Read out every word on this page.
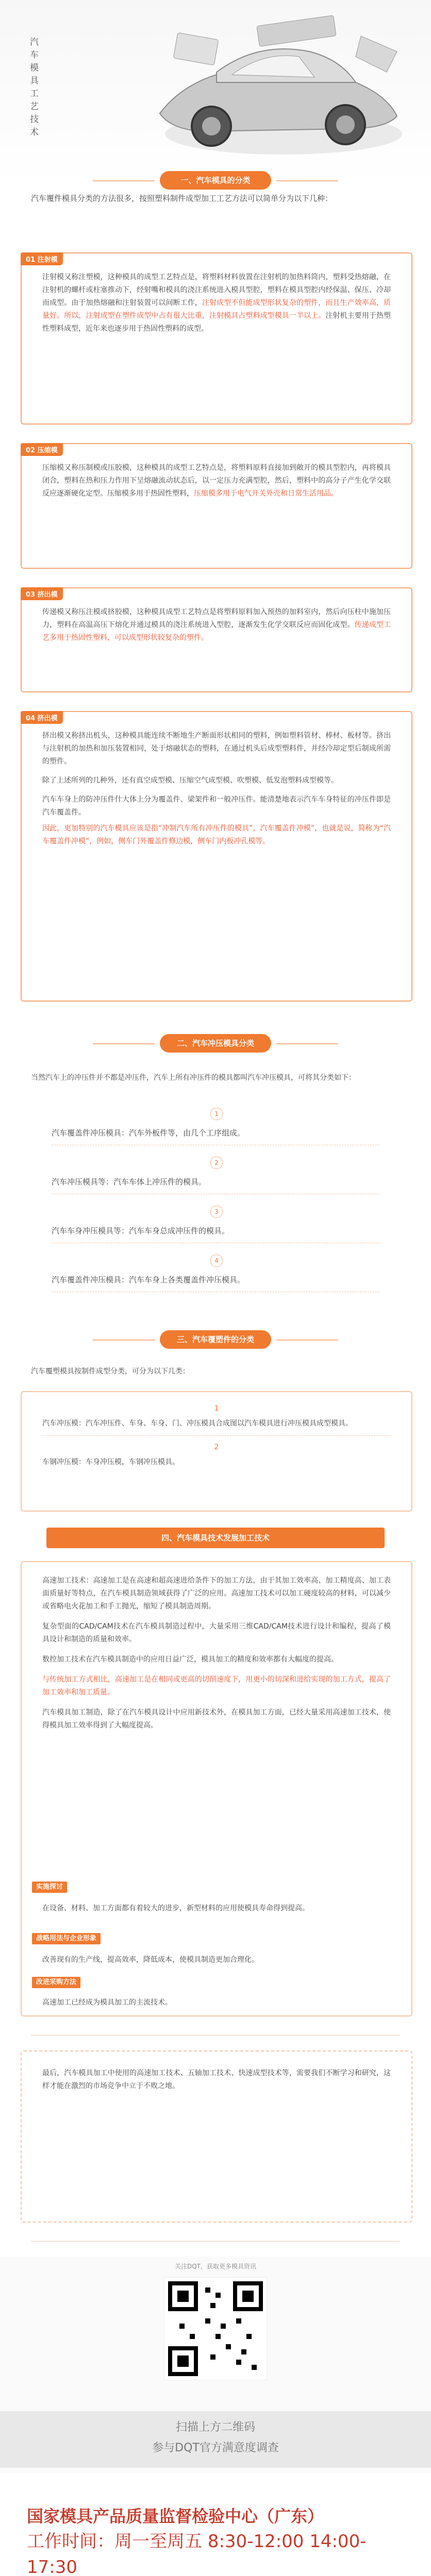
汽车模具工艺技术
汽车覆件模具分类的方法很多，按照塑料制件成型加工工艺方法可以简单分为以下几种：
一、汽车模具的分类
01 注射模
注射模又称注塑模，这种模具的成型工艺特点是，将塑料材料放置在注射机的加热料筒内，塑料受热熔融，在注射机的螺杆或柱塞推动下，经射嘴和模具的浇注系统进入模具型腔，塑料在模具型腔内经保温、保压、冷却而成型。由于加热熔融和注射装置可以间断工作，注射成型不但能成型形状复杂的塑件，而且生产效率高，质量好。所以，注射成型在塑件成型中占有很大比重，注射模具占塑料成型模具一半以上。注射机主要用于热塑性塑料成型，近年来也逐步用于热固性塑料的成型。
02 压缩模
压缩模又称压制模或压胶模，这种模具的成型工艺特点是，将塑料原料直接加到敞开的模具型腔内，再将模具闭合，塑料在热和压力作用下呈熔融流动状态后，以一定压力充满型腔，然后，塑料中的高分子产生化学交联反应逐渐硬化定型。压缩模多用于热固性塑料，压缩模多用于电气开关外壳和日常生活用品。
03 挤出模
传递模又称压注模或挤胶模，这种模具成型工艺特点是将塑料原料加入预热的加料室内，然后向压柱中施加压力，塑料在高温高压下熔化并通过模具的浇注系统进入型腔，逐渐发生化学交联反应而固化成型。传递成型工艺多用于热固性塑料，可以成型形状较复杂的塑件。
04 挤出模

挤出模又称挤出机头，这种模具能连续不断地生产断面形状相同的塑料，例如塑料管材、棒材、板材等。挤出与注射机的加热和加压装置相同，处于熔融状态的塑料，在通过机头后成型塑料件，并经冷却定型后制成所需的塑件。

除了上述所列的几种外，还有真空成型模、压缩空气成型模、吹塑模、低发泡塑料成型模等。

汽车车身上的防冲压件什大体上分为覆盖件、梁架件和一般冲压件。能清楚地表示汽车车身特征的冲压件即是汽车覆盖件。

因此，更加特别的汽车模具应该是指“冲制汽车所有冲压件的模具”，汽车覆盖件冲模”，也就是说，简称为“汽车覆盖件冲模”，例如，侧车门外覆盖件修边模，侧车门内板冲孔模等。

二、汽车冲压模具分类
当然汽车上的冲压件并不都是冲压件，汽车上所有冲压件的模具都叫汽车冲压模具，可将其分类如下：
1
汽车覆盖件冲压模具：汽车外板件等，由几个工序组成。
2
汽车冲压模具等：汽车车体上冲压件的模具。
3
汽车车身冲压模具等：汽车车身总成冲压件的模具。
4
汽车覆盖件冲压模具：汽车车身上各类覆盖件冲压模具。
三、汽车覆塑件的分类
汽车覆塑模具按制件成型分类，可分为以下几类：
1
汽车冲压模：汽车冲压件、车身、车身、门、冲压模具合成图以汽车模具进行冲压模具成型模具。
2
车钢冲压模：车身冲压模，车钢冲压模具。
四、汽车模具技术发展加工技术

高速加工技术：高速加工是在高速和超高速进给条件下的加工方法，由于其加工效率高、加工精度高、加工表面质量好等特点，在汽车模具制造领域获得了广泛的应用。高速加工技术可以加工硬度较高的材料，可以减少或省略电火花加工和手工抛光，缩短了模具制造周期。

复杂型面的CAD/CAM技术在汽车模具制造过程中，大量采用三维CAD/CAM技术进行设计和编程，提高了模具设计和制造的质量和效率。

数控加工技术在汽车模具制造中的应用日益广泛，模具加工的精度和效率都有大幅度的提高。

与传统加工方式相比，高速加工是在相同或更高的切削速度下，用更小的切深和进给实现的加工方式，提高了加工效率和加工质量。

汽车模具加工制造，除了在汽车模具设计中应用新技术外，在模具加工方面，已经大量采用高速加工技术，使得模具加工效率得到了大幅度提高。

实施探讨
在设备、材料、加工方面都有着较大的进步，新型材料的应用使模具寿命得到提高。
战略用法与企业形象
改善现有的生产线，提高效率，降低成本，使模具制造更加合理化。
改进采购方法
高速加工已经成为模具加工的主流技术。
最后，汽车模具加工中使用的高速加工技术、五轴加工技术、快速成型技术等，需要我们不断学习和研究，这样才能在激烈的市场竞争中立于不败之地。
关注DQT，获取更多模具资讯
扫描上方二维码
参与DQT官方满意度调查
国家模具产品质量监督检验中心（广东）
工作时间：周一至周五 8:30-12:00 14:00-17:30
